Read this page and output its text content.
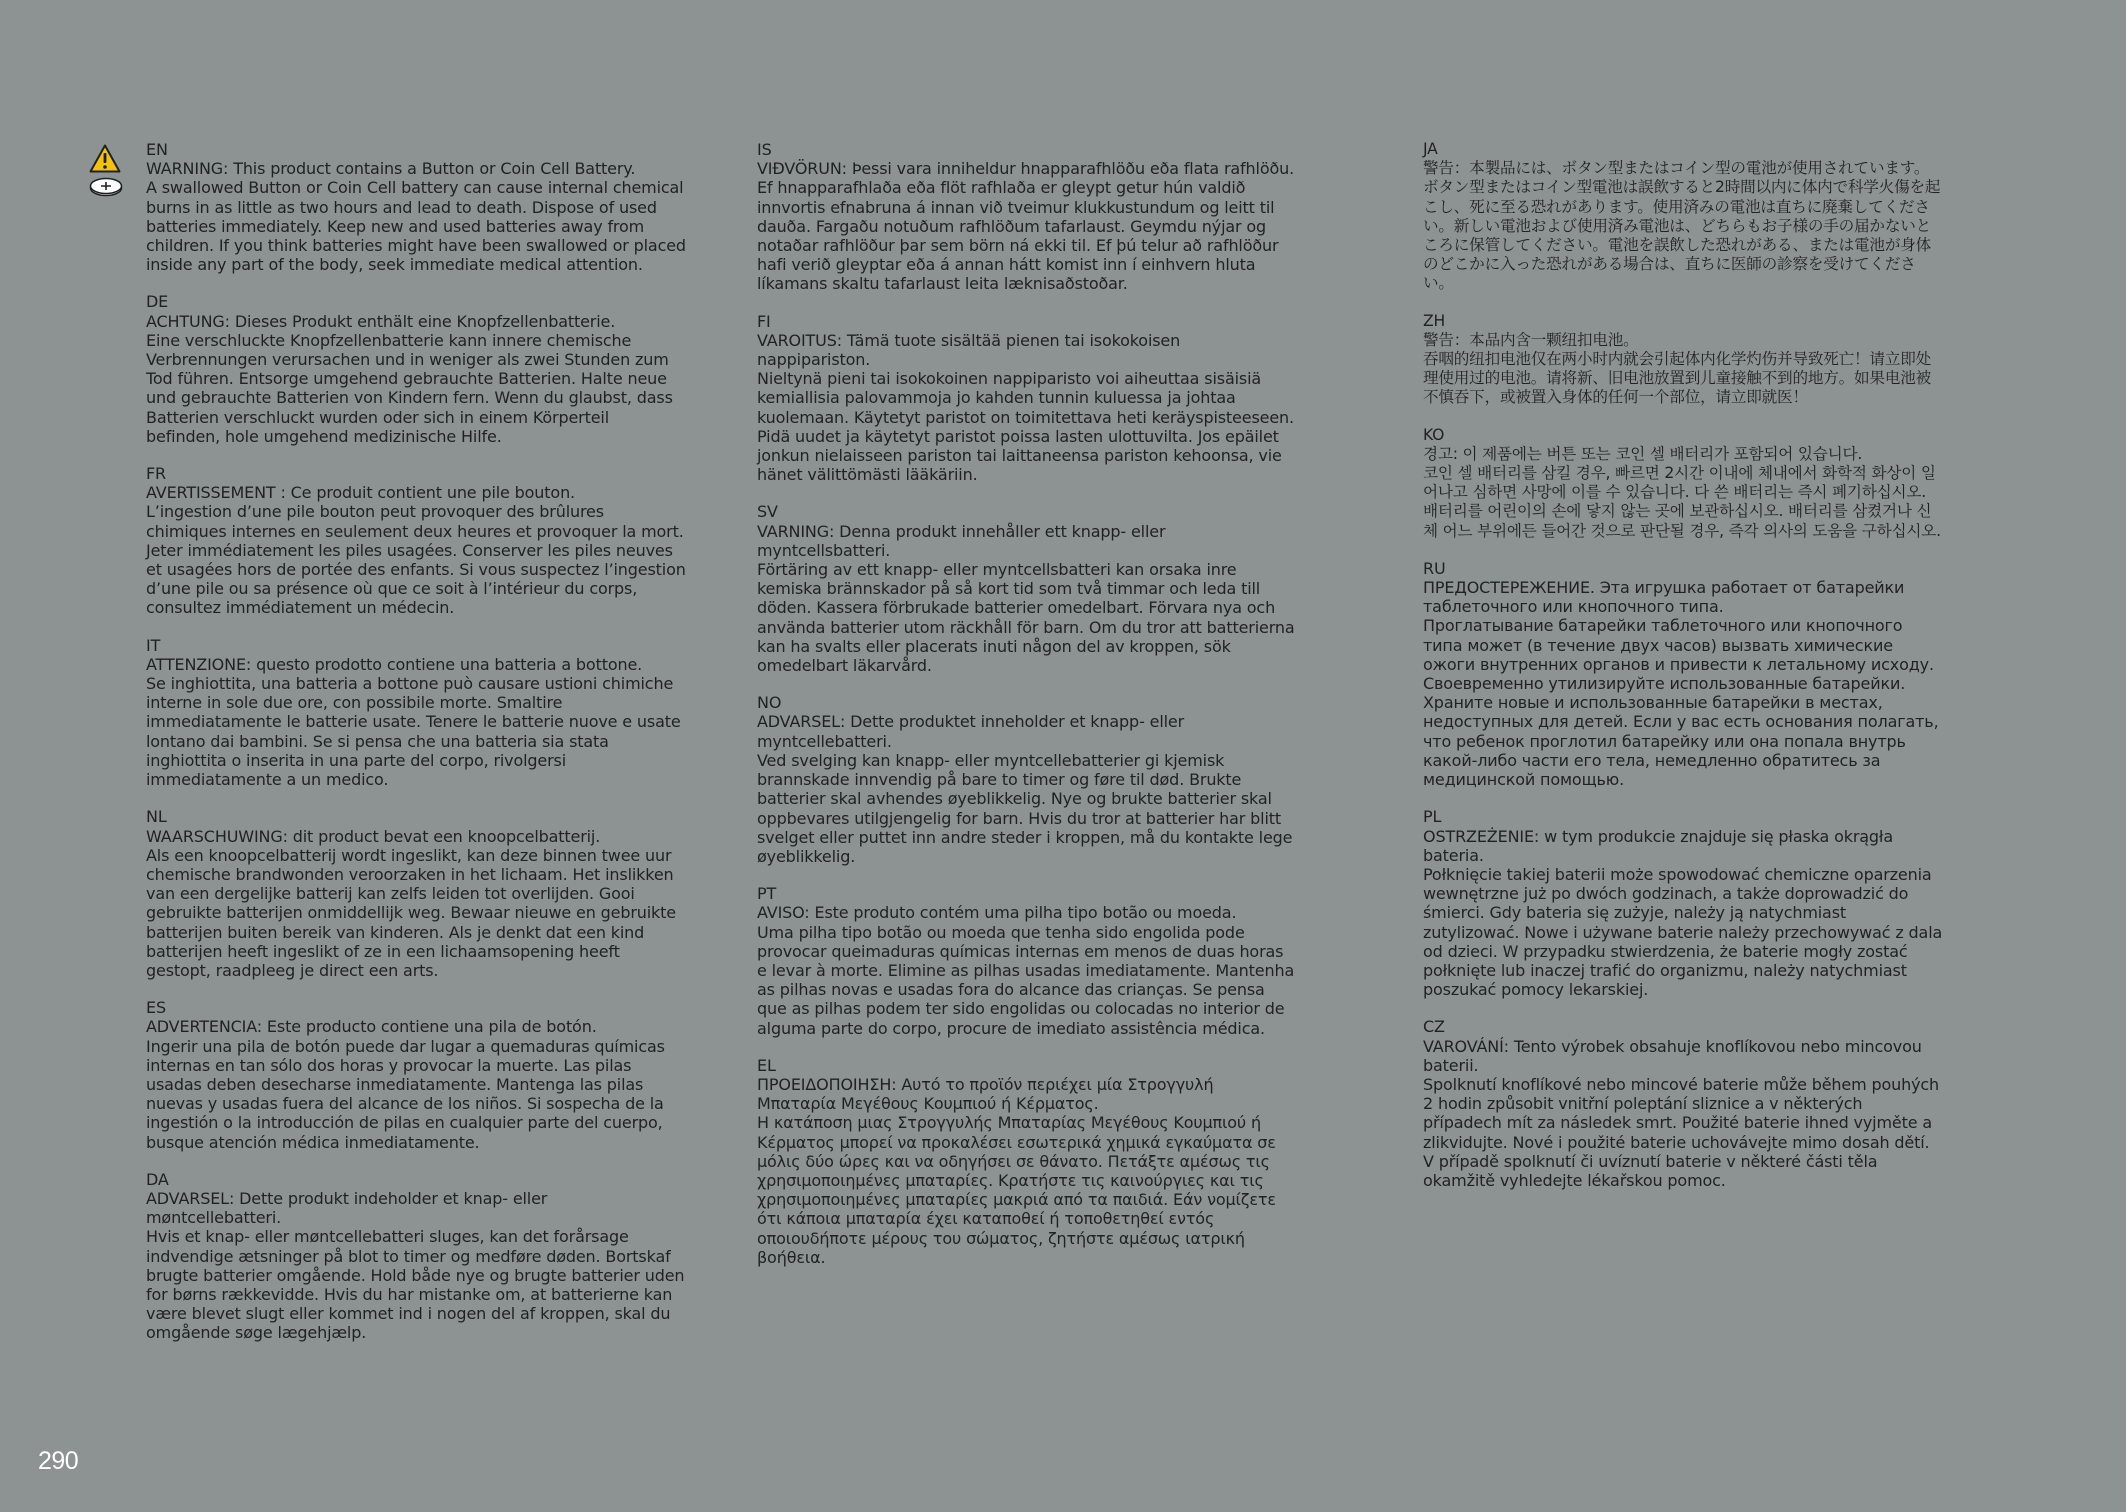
EN
WARNING: This product contains a Button or Coin Cell Battery.
A swallowed Button or Coin Cell battery can cause internal chemical burns in as little as two hours and lead to death. Dispose of used batteries immediately. Keep new and used batteries away from children. If you think batteries might have been swallowed or placed inside any part of the body, seek immediate medical attention.
DE
ACHTUNG: Dieses Produkt enthält eine Knopfzellenbatterie.
Eine verschluckte Knopfzellenbatterie kann innere chemische Verbrennungen verursachen und in weniger als zwei Stunden zum Tod führen. Entsorge umgehend gebrauchte Batterien. Halte neue und gebrauchte Batterien von Kindern fern. Wenn du glaubst, dass Batterien verschluckt wurden oder sich in einem Körperteil befinden, hole umgehend medizinische Hilfe.
FR
AVERTISSEMENT : Ce produit contient une pile bouton.
L’ingestion d’une pile bouton peut provoquer des brûlures chimiques internes en seulement deux heures et provoquer la mort. Jeter immédiatement les piles usagées. Conserver les piles neuves et usagées hors de portée des enfants. Si vous suspectez l’ingestion d’une pile ou sa présence où que ce soit à l’intérieur du corps, consultez immédiatement un médecin.
IT
ATTENZIONE: questo prodotto contiene una batteria a bottone.
Se inghiottita, una batteria a bottone può causare ustioni chimiche interne in sole due ore, con possibile morte. Smaltire immediatamente le batterie usate. Tenere le batterie nuove e usate lontano dai bambini. Se si pensa che una batteria sia stata inghiottita o inserita in una parte del corpo, rivolgersi immediatamente a un medico.
NL
WAARSCHUWING: dit product bevat een knoopcelbatterij.
Als een knoopcelbatterij wordt ingeslikt, kan deze binnen twee uur chemische brandwonden veroorzaken in het lichaam. Het inslikken van een dergelijke batterij kan zelfs leiden tot overlijden. Gooi gebruikte batterijen onmiddellijk weg. Bewaar nieuwe en gebruikte batterijen buiten bereik van kinderen. Als je denkt dat een kind batterijen heeft ingeslikt of ze in een lichaamsopening heeft gestopt, raadpleeg je direct een arts.
ES
ADVERTENCIA: Este producto contiene una pila de botón.
Ingerir una pila de botón puede dar lugar a quemaduras químicas internas en tan sólo dos horas y provocar la muerte. Las pilas usadas deben desecharse inmediatamente. Mantenga las pilas nuevas y usadas fuera del alcance de los niños. Si sospecha de la ingestión o la introducción de pilas en cualquier parte del cuerpo, busque atención médica inmediatamente.
DA
ADVARSEL: Dette produkt indeholder et knap- eller møntcellebatteri.
Hvis et knap- eller møntcellebatteri sluges, kan det forårsage indvendige ætsninger på blot to timer og medføre døden. Bortskaf brugte batterier omgående. Hold både nye og brugte batterier uden for børns rækkevidde. Hvis du har mistanke om, at batterierne kan være blevet slugt eller kommet ind i nogen del af kroppen, skal du omgående søge lægehjælp.
IS
VIÐVÖRUN: Þessi vara inniheldur hnapparafhlöðu eða flata rafhlöðu.
Ef hnapparafhlaða eða flöt rafhlaða er gleypt getur hún valdið innvortis efnabruna á innan við tveimur klukkustundum og leitt til dauða. Fargaðu notuðum rafhlöðum tafarlaust. Geymdu nýjar og notaðar rafhlöður þar sem börn ná ekki til. Ef þú telur að rafhlöður hafi verið gleyptar eða á annan hátt komist inn í einhvern hluta líkamans skaltu tafarlaust leita læknisaðstoðar.
FI
VAROITUS: Tämä tuote sisältää pienen tai isokokoisen nappipariston.
Nieltynä pieni tai isokokoinen nappiparisto voi aiheuttaa sisäisiä kemiallisia palovammoja jo kahden tunnin kuluessa ja johtaa kuolemaan. Käytetyt paristot on toimitettava heti keräyspisteeseen. Pidä uudet ja käytetyt paristot poissa lasten ulottuvilta. Jos epäilet jonkun nielaisseen pariston tai laittaneensa pariston kehoonsa, vie hänet välittömästi lääkäriin.
SV
VARNING: Denna produkt innehåller ett knapp- eller myntcellsbatteri.
Förtäring av ett knapp- eller myntcellsbatteri kan orsaka inre kemiska brännskador på så kort tid som två timmar och leda till döden. Kassera förbrukade batterier omedelbart. Förvara nya och använda batterier utom räckhåll för barn. Om du tror att batterierna kan ha svalts eller placerats inuti någon del av kroppen, sök omedelbart läkarvård.
NO
ADVARSEL: Dette produktet inneholder et knapp- eller myntcellebatteri.
Ved svelging kan knapp- eller myntcellebatterier gi kjemisk brannskade innvendig på bare to timer og føre til død. Brukte batterier skal avhendes øyeblikkelig. Nye og brukte batterier skal oppbevares utilgjengelig for barn. Hvis du tror at batterier har blitt svelget eller puttet inn andre steder i kroppen, må du kontakte lege øyeblikkelig.
PT
AVISO: Este produto contém uma pilha tipo botão ou moeda.
Uma pilha tipo botão ou moeda que tenha sido engolida pode provocar queimaduras químicas internas em menos de duas horas e levar à morte. Elimine as pilhas usadas imediatamente. Mantenha as pilhas novas e usadas fora do alcance das crianças. Se pensa que as pilhas podem ter sido engolidas ou colocadas no interior de alguma parte do corpo, procure de imediato assistência médica.
EL
ΠΡΟΕΙΔΟΠΟΙΗΣΗ: Αυτό το προϊόν περιέχει μία Στρογγυλή Μπαταρία Μεγέθους Κουμπιού ή Κέρματος.
Η κατάποση μιας Στρογγυλής Μπαταρίας Μεγέθους Κουμπιού ή Κέρματος μπορεί να προκαλέσει εσωτερικά χημικά εγκαύματα σε μόλις δύο ώρες και να οδηγήσει σε θάνατο. Πετάξτε αμέσως τις χρησιμοποιημένες μπαταρίες. Κρατήστε τις καινούργιες και τις χρησιμοποιημένες μπαταρίες μακριά από τα παιδιά. Εάν νομίζετε ότι κάποια μπαταρία έχει καταποθεί ή τοποθετηθεί εντός οποιουδήποτε μέρους του σώματος, ζητήστε αμέσως ιατρική βοήθεια.
JA
警告：本製品には、ボタン型またはコイン型の電池が使用されています。
ボタン型またはコイン型電池は誤飲すると2時間以内に体内で科学火傷を起こし、死に至る恐れがあります。使用済みの電池は直ちに廃棄してください。新しい電池および使用済み電池は、どちらもお子様の手の届かないところに保管してください。電池を誤飲した恐れがある、または電池が身体のどこかに入った恐れがある場合は、直ちに医師の診察を受けてください。
ZH
警告：本品内含一颗纽扣电池。
吞咽的纽扣电池仅在两小时内就会引起体内化学灼伤并导致死亡！请立即处理使用过的电池。请将新、旧电池放置到儿童接触不到的地方。如果电池被不慎吞下，或被置入身体的任何一个部位，请立即就医！
KO
경고: 이 제품에는 버튼 또는 코인 셀 배터리가 포함되어 있습니다.
코인 셀 배터리를 삼킬 경우, 빠르면 2시간 이내에 체내에서 화학적 화상이 일어나고 심하면 사망에 이를 수 있습니다. 다 쓴 배터리는 즉시 폐기하십시오. 배터리를 어린이의 손에 닿지 않는 곳에 보관하십시오. 배터리를 삼켰거나 신체 어느 부위에든 들어간 것으로 판단될 경우, 즉각 의사의 도움을 구하십시오.
RU
ПРЕДОСТЕРЕЖЕНИЕ. Эта игрушка работает от батарейки таблеточного или кнопочного типа.
Проглатывание батарейки таблеточного или кнопочного типа может (в течение двух часов) вызвать химические ожоги внутренних органов и привести к летальному исходу. Своевременно утилизируйте использованные батарейки. Храните новые и использованные батарейки в местах, недоступных для детей. Если у вас есть основания полагать, что ребенок проглотил батарейку или она попала внутрь какой-либо части его тела, немедленно обратитесь за медицинской помощью.
PL
OSTRZEŻENIE: w tym produkcie znajduje się płaska okrągła bateria.
Połknięcie takiej baterii może spowodować chemiczne oparzenia wewnętrzne już po dwóch godzinach, a także doprowadzić do śmierci. Gdy bateria się zużyje, należy ją natychmiast zutylizować. Nowe i używane baterie należy przechowywać z dala od dzieci. W przypadku stwierdzenia, że baterie mogły zostać połknięte lub inaczej trafić do organizmu, należy natychmiast poszukać pomocy lekarskiej.
CZ
VAROVÁNÍ: Tento výrobek obsahuje knoflíkovou nebo mincovou baterii.
Spolknutí knoflíkové nebo mincové baterie může během pouhých 2 hodin způsobit vnitřní poleptání sliznice a v některých případech mít za následek smrt. Použité baterie ihned vyjměte a zlikvidujte. Nové i použité baterie uchovávejte mimo dosah dětí. V případě spolknutí či uvíznutí baterie v některé části těla okamžitě vyhledejte lékařskou pomoc.
290
